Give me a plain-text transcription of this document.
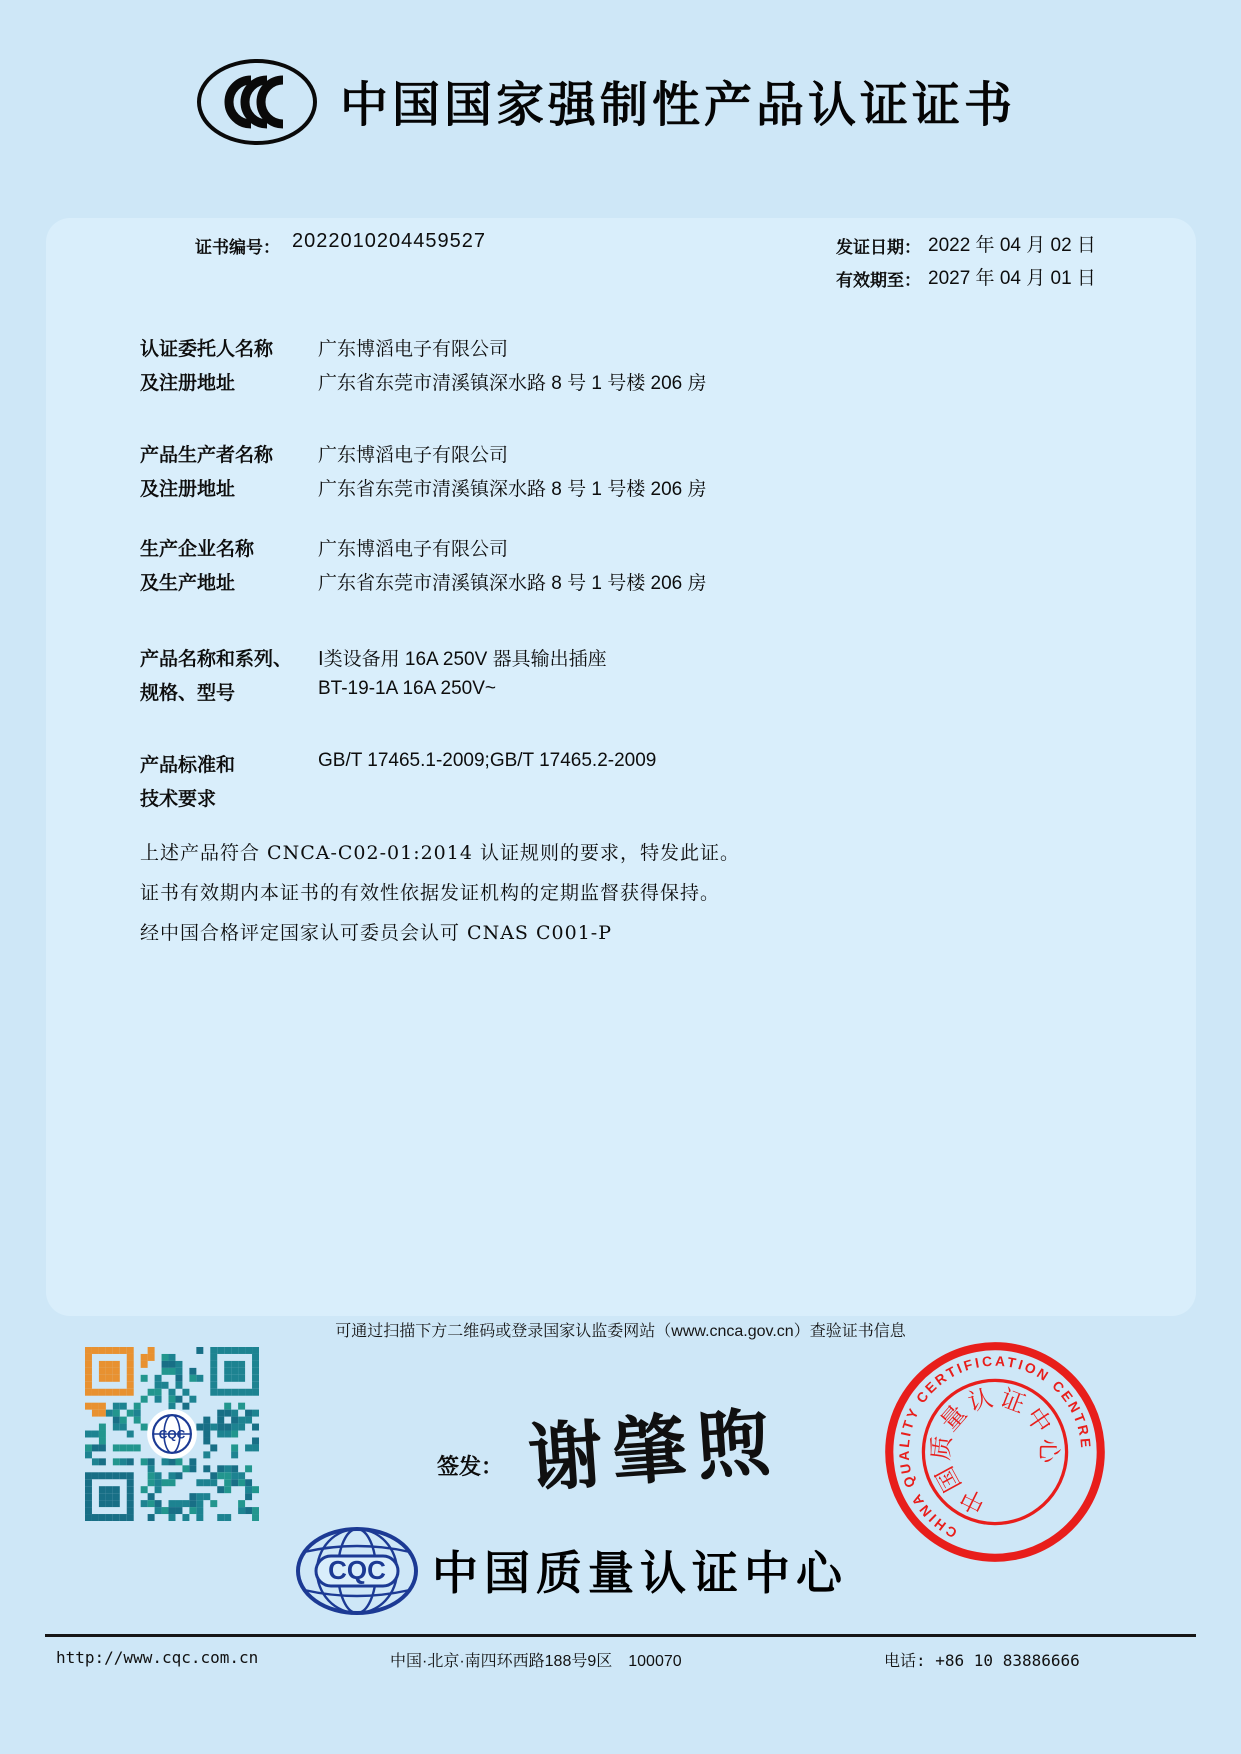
中国国家强制性产品认证证书
证书编号： 2022010204459527	发证日期： 2022 年 04 月 02 日
有效期至： 2027 年 04 月 01 日
认证委托人名称	广东博滔电子有限公司
及注册地址	广东省东莞市清溪镇深水路 8 号 1 号楼 206 房
产品生产者名称	广东博滔电子有限公司
及注册地址	广东省东莞市清溪镇深水路 8 号 1 号楼 206 房
生产企业名称	广东博滔电子有限公司
及生产地址	广东省东莞市清溪镇深水路 8 号 1 号楼 206 房
产品名称和系列、	Ⅰ类设备用 16A 250V 器具输出插座
规格、型号	BT-19-1A 16A 250V~
产品标准和	GB/T 17465.1-2009;GB/T 17465.2-2009
技术要求
上述产品符合 CNCA-C02-01:2014 认证规则的要求，特发此证。
证书有效期内本证书的有效性依据发证机构的定期监督获得保持。
经中国合格评定国家认可委员会认可 CNAS C001-P
可通过扫描下方二维码或登录国家认监委网站（www.cnca.gov.cn）查验证书信息
CQC
签发： 谢肇煦
CQC 中国质量认证中心
CHINA QUALITY CERTIFICATION CENTRE
中国质量认证中心
http://www.cqc.com.cn	中国·北京·南四环西路188号9区　100070	电话: +86 10 83886666
